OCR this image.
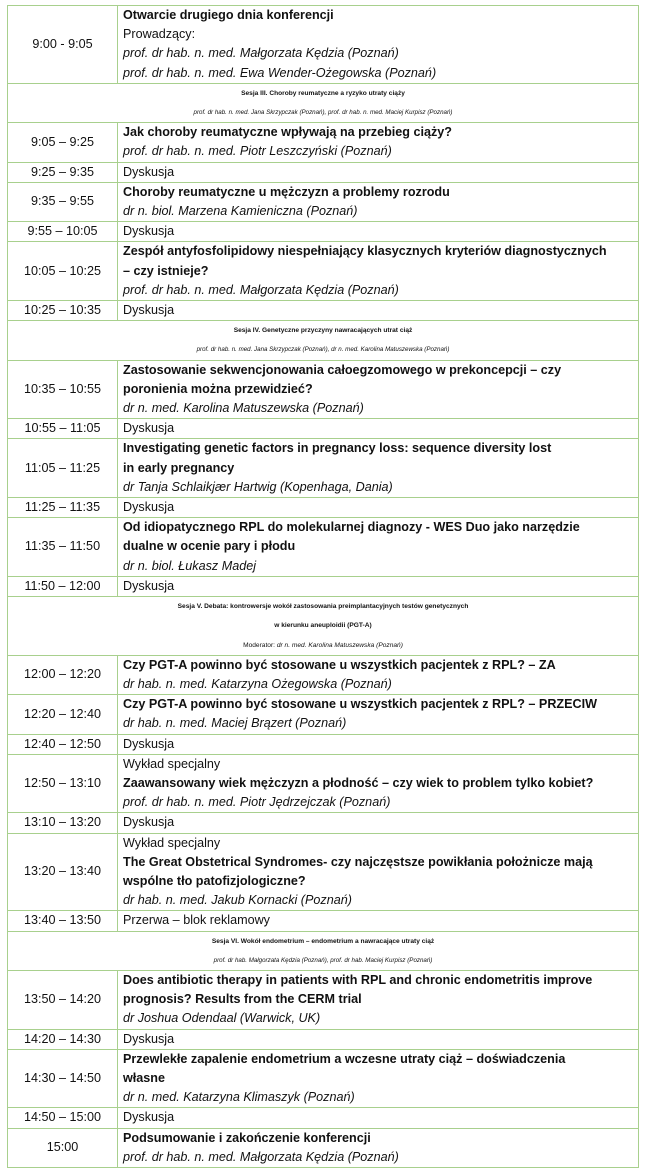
9:00 - 9:05	Otwarcie drugiego dnia konferencji
Prowadzący:
prof. dr hab. n. med. Małgorzata Kędzia (Poznań)
prof. dr hab. n. med. Ewa Wender-Ożegowska (Poznań)

Sesja III. Choroby reumatyczne a ryzyko utraty ciąży
prof. dr hab. n. med. Jana Skrzypczak (Poznań), prof. dr hab. n. med. Maciej Kurpisz (Poznań)	

9:05 – 9:25	Jak choroby reumatyczne wpływają na przebieg ciąży?
prof. dr hab. n. med. Piotr Leszczyński (Poznań)

9:25 – 9:35	Dyskusja

9:35 – 9:55	Choroby reumatyczne u mężczyzn a problemy rozrodu
dr n. biol. Marzena Kamieniczna (Poznań)

9:55 – 10:05	Dyskusja

10:05 – 10:25	Zespół antyfosfolipidowy niespełniający klasycznych kryteriów diagnostycznych
– czy istnieje?
prof. dr hab. n. med. Małgorzata Kędzia (Poznań)

10:25 – 10:35	Dyskusja

Sesja IV. Genetyczne przyczyny nawracających utrat ciąż
prof. dr hab. n. med. Jana Skrzypczak (Poznań), dr n. med. Karolina Matuszewska (Poznań)	

10:35 – 10:55	Zastosowanie sekwencjonowania całoegzomowego w prekoncepcji – czy
poronienia można przewidzieć?
dr n. med. Karolina Matuszewska (Poznań)

10:55 – 11:05	Dyskusja

11:05 – 11:25	Investigating genetic factors in pregnancy loss: sequence diversity lost
in early pregnancy
dr Tanja Schlaikjær Hartwig (Kopenhaga, Dania)

11:25 – 11:35	Dyskusja

11:35 – 11:50	Od idiopatycznego RPL do molekularnej diagnozy - WES Duo jako narzędzie
dualne w ocenie pary i płodu
dr n. biol. Łukasz Madej

11:50 – 12:00	Dyskusja

Sesja V. Debata: kontrowersje wokół zastosowania preimplantacyjnych testów genetycznych
w kierunku aneuploidii (PGT-A)
Moderator: dr n. med. Karolina Matuszewska (Poznań)	

12:00 – 12:20	Czy PGT-A powinno być stosowane u wszystkich pacjentek z RPL? – ZA
dr hab. n. med. Katarzyna Ożegowska (Poznań)

12:20 – 12:40	Czy PGT-A powinno być stosowane u wszystkich pacjentek z RPL? – PRZECIW
dr hab. n. med. Maciej Brązert (Poznań)

12:40 – 12:50	Dyskusja

12:50 – 13:10	Wykład specjalny
Zaawansowany wiek mężczyzn a płodność – czy wiek to problem tylko kobiet?
prof. dr hab. n. med. Piotr Jędrzejczak (Poznań)

13:10 – 13:20	Dyskusja

13:20 – 13:40	Wykład specjalny
The Great Obstetrical Syndromes- czy najczęstsze powikłania położnicze mają
wspólne tło patofizjologiczne?
dr hab. n. med. Jakub Kornacki (Poznań)

13:40 – 13:50	Przerwa – blok reklamowy

Sesja VI. Wokół endometrium – endometrium a nawracające utraty ciąż
prof. dr hab. Małgorzata Kędzia (Poznań), prof. dr hab. Maciej Kurpisz (Poznań)	

13:50 – 14:20	Does antibiotic therapy in patients with RPL and chronic endometritis improve
prognosis? Results from the CERM trial
dr Joshua Odendaal (Warwick, UK)

14:20 – 14:30	Dyskusja

14:30 – 14:50	Przewlekłe zapalenie endometrium a wczesne utraty ciąż – doświadczenia
własne
dr n. med. Katarzyna Klimaszyk (Poznań)

14:50 – 15:00	Dyskusja

15:00	Podsumowanie i zakończenie konferencji
prof. dr hab. n. med. Małgorzata Kędzia (Poznań)
